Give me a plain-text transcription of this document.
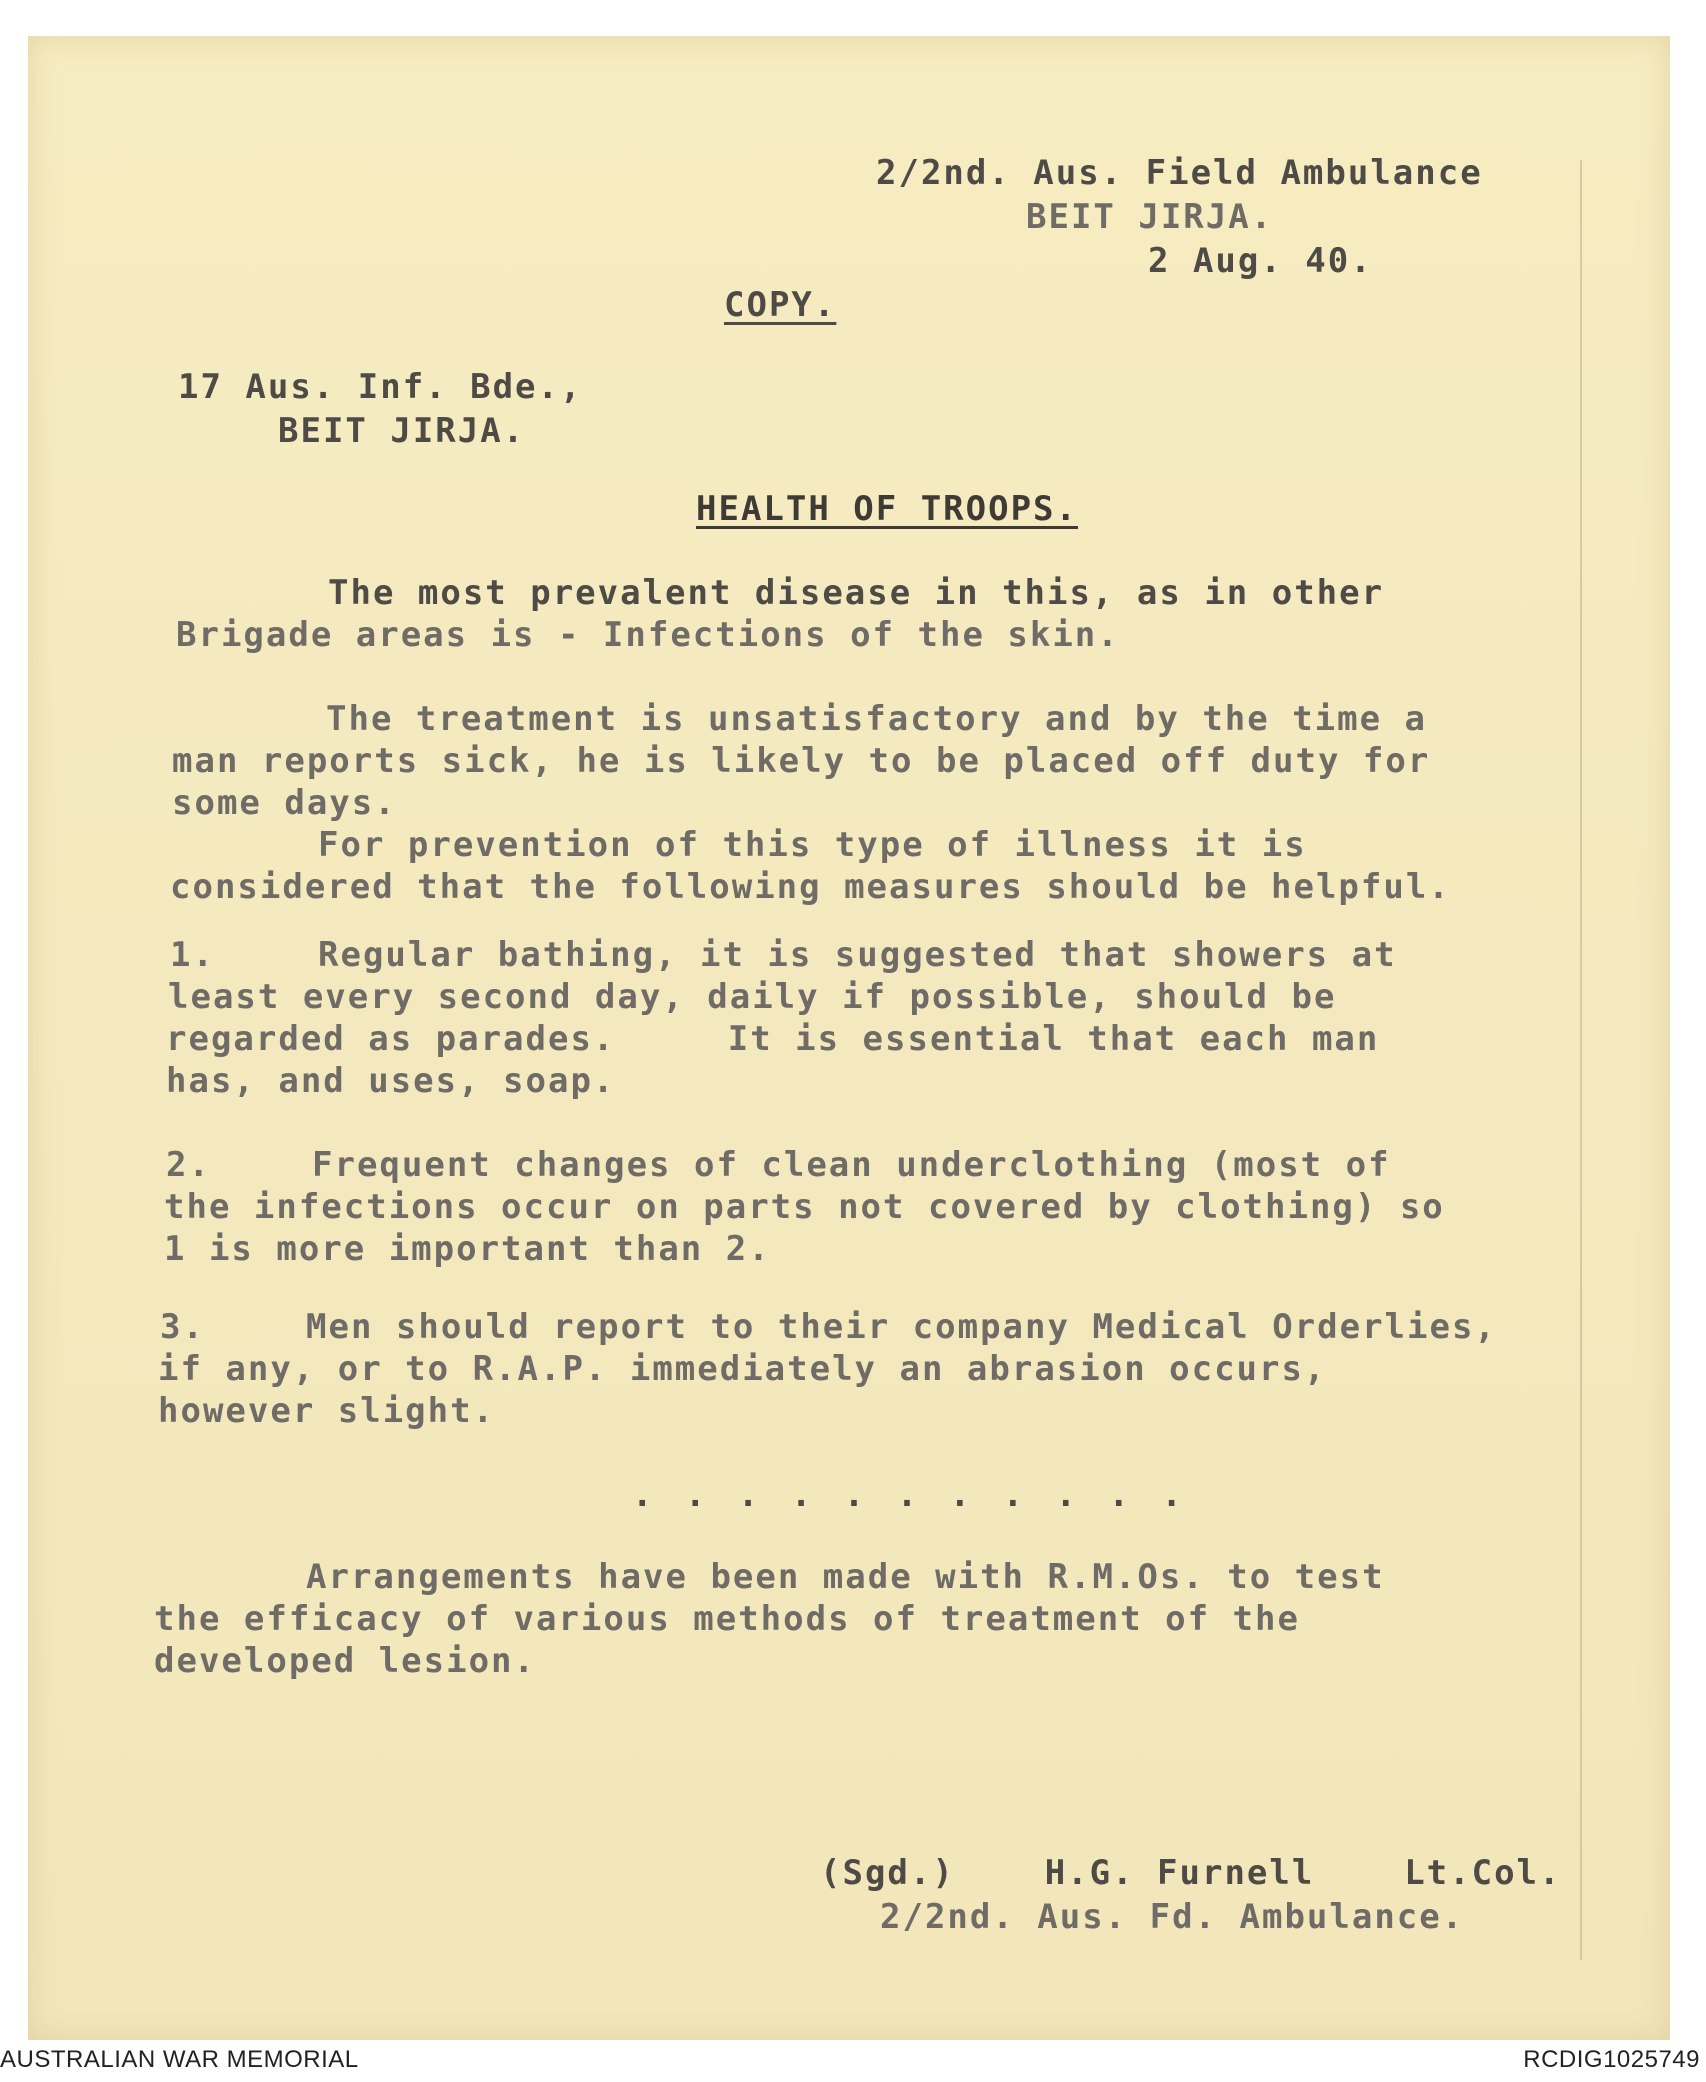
2/2nd. Aus. Field Ambulance
BEIT JIRJA.
2 Aug. 40.
COPY.
17 Aus. Inf. Bde.,
BEIT JIRJA.
HEALTH OF TROOPS.
The most prevalent disease in this, as in other
Brigade areas is - Infections of the skin.
The treatment is unsatisfactory and by the time a
man reports sick, he is likely to be placed off duty for
some days.
For prevention of this type of illness it is
considered that the following measures should be helpful.
1.	Regular bathing, it is suggested that showers at
least every second day, daily if possible, should be
regarded as parades.     It is essential that each man
has, and uses, soap.
2.	Frequent changes of clean underclothing (most of
the infections occur on parts not covered by clothing) so
1 is more important than 2.
3.	Men should report to their company Medical Orderlies,
if any, or to R.A.P. immediately an abrasion occurs,
however slight.
. . . . . . . . . . .
Arrangements have been made with R.M.Os. to test
the efficacy of various methods of treatment of the
developed lesion.
(Sgd.)    H.G. Furnell    Lt.Col.
2/2nd. Aus. Fd. Ambulance.
AUSTRALIAN WAR MEMORIAL	RCDIG1025749
